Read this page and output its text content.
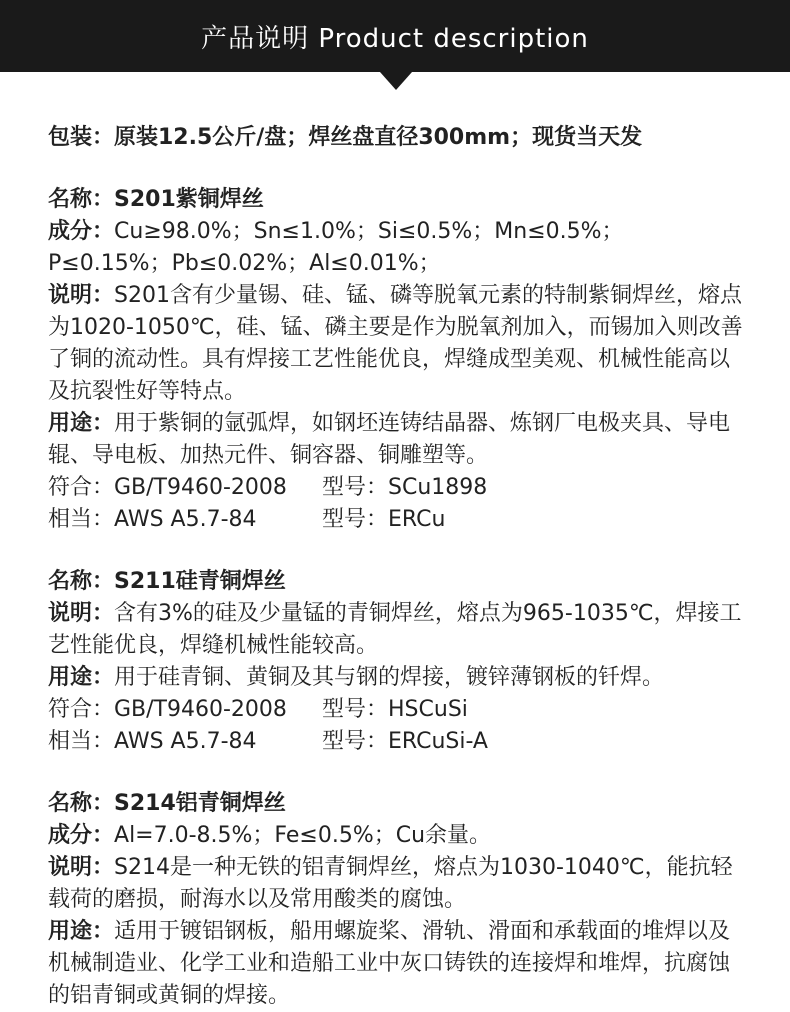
产品说明 Product description

包装：原装12.5公斤/盘；焊丝盘直径300mm；现货当天发

名称：S201紫铜焊丝

成分：Cu≥98.0%；Sn≤1.0%；Si≤0.5%；Mn≤0.5%；P≤0.15%；Pb≤0.02%；Al≤0.01%；

说明：S201含有少量锡、硅、锰、磷等脱氧元素的特制紫铜焊丝，熔点为1020-1050℃，硅、锰、磷主要是作为脱氧剂加入，而锡加入则改善了铜的流动性。具有焊接工艺性能优良，焊缝成型美观、机械性能高以及抗裂性好等特点。

用途：用于紫铜的氩弧焊，如钢坯连铸结晶器、炼钢厂电极夹具、导电辊、导电板、加热元件、铜容器、铜雕塑等。

符合：GB/T9460-2008 型号：SCu1898

相当：AWS A5.7-84	型号：ERCu

名称：S211硅青铜焊丝

说明：含有3%的硅及少量锰的青铜焊丝，熔点为965-1035℃，焊接工艺性能优良，焊缝机械性能较高。

用途：用于硅青铜、黄铜及其与钢的焊接，镀锌薄钢板的钎焊。

符合：GB/T9460-2008 型号：HSCuSi

相当：AWS A5.7-84	型号：ERCuSi-A

名称：S214铝青铜焊丝

成分：Al=7.0-8.5%；Fe≤0.5%；Cu余量。

说明：S214是一种无铁的铝青铜焊丝，熔点为1030-1040℃，能抗轻载荷的磨损，耐海水以及常用酸类的腐蚀。

用途：适用于镀铝钢板，船用螺旋桨、滑轨、滑面和承载面的堆焊以及机械制造业、化学工业和造船工业中灰口铸铁的连接焊和堆焊，抗腐蚀的铝青铜或黄铜的焊接。
